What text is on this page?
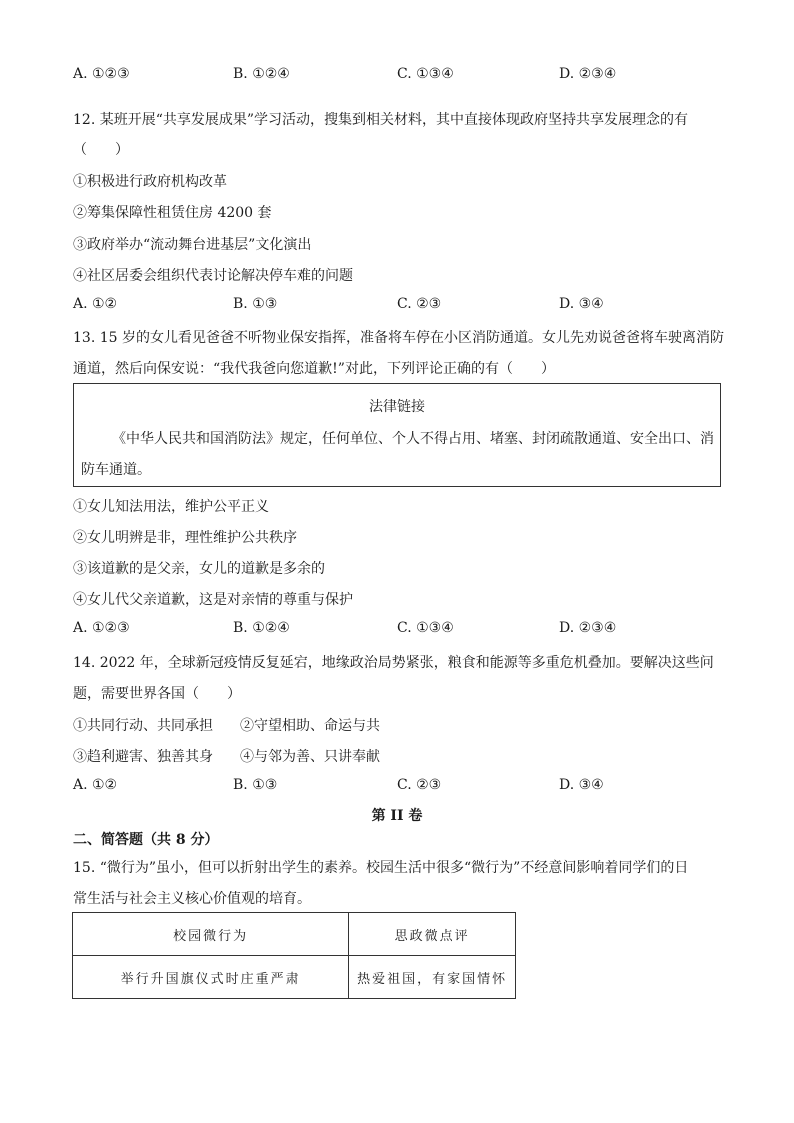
A. ①②③	B. ①②④	C. ①③④	D. ②③④
12. 某班开展“共享发展成果”学习活动，搜集到相关材料，其中直接体现政府坚持共享发展理念的有
（　　）
①积极进行政府机构改革
②筹集保障性租赁住房 4200 套
③政府举办“流动舞台进基层”文化演出
④社区居委会组织代表讨论解决停车难的问题
A. ①②	B. ①③	C. ②③	D. ③④
13. 15 岁的女儿看见爸爸不听物业保安指挥，准备将车停在小区消防通道。女儿先劝说爸爸将车驶离消防
通道，然后向保安说：“我代我爸向您道歉!”对此，下列评论正确的有（　　）
法律链接
《中华人民共和国消防法》规定，任何单位、个人不得占用、堵塞、封闭疏散通道、安全出口、消
防车通道。
①女儿知法用法，维护公平正义
②女儿明辨是非，理性维护公共秩序
③该道歉的是父亲，女儿的道歉是多余的
④女儿代父亲道歉，这是对亲情的尊重与保护
A. ①②③	B. ①②④	C. ①③④	D. ②③④
14. 2022 年，全球新冠疫情反复延宕，地缘政治局势紧张，粮食和能源等多重危机叠加。要解决这些问
题，需要世界各国（　　）
①共同行动、共同承担 ②守望相助、命运与共
③趋利避害、独善其身 ④与邻为善、只讲奉献
A. ①②	B. ①③	C. ②③	D. ③④
第 II 卷
二、简答题（共 8 分）
15. “微行为”虽小，但可以折射出学生的素养。校园生活中很多“微行为”不经意间影响着同学们的日
常生活与社会主义核心价值观的培育。
校园微行为	思政微点评
举行升国旗仪式时庄重严肃	热爱祖国，有家国情怀
